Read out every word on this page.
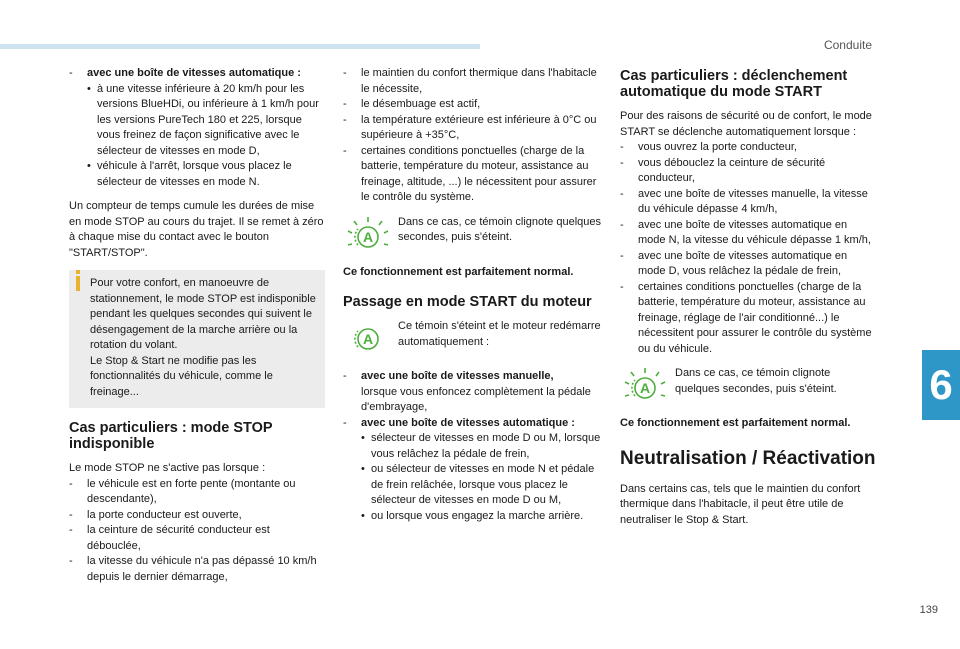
Conduite
6
139
- avec une boîte de vitesses automatique :
• à une vitesse inférieure à 20 km/h pour les versions BlueHDi, ou inférieure à 1 km/h pour les versions PureTech 180 et 225, lorsque vous freinez de façon significative avec le sélecteur de vitesses en mode D,
• véhicule à l'arrêt, lorsque vous placez le sélecteur de vitesses en mode N.

Un compteur de temps cumule les durées de mise en mode STOP au cours du trajet. Il se remet à zéro à chaque mise du contact avec le bouton "START/STOP".

Pour votre confort, en manoeuvre de stationnement, le mode STOP est indisponible pendant les quelques secondes qui suivent le désengagement de la marche arrière ou la rotation du volant.
Le Stop & Start ne modifie pas les fonctionnalités du véhicule, comme le freinage...
Cas particuliers : mode STOP indisponible

Le mode STOP ne s'active pas lorsque :

- le véhicule est en forte pente (montante ou descendante),
- la porte conducteur est ouverte,
- la ceinture de sécurité conducteur est débouclée,
- la vitesse du véhicule n'a pas dépassé 10 km/h depuis le dernier démarrage,
- le maintien du confort thermique dans l'habitacle le nécessite,
- le désembuage est actif,
- la température extérieure est inférieure à 0°C ou supérieure à +35°C,
- certaines conditions ponctuelles (charge de la batterie, température du moteur, assistance au freinage, altitude, ...) le nécessitent pour assurer le contrôle du système.
A
Dans ce cas, ce témoin clignote quelques secondes, puis s'éteint.

Ce fonctionnement est parfaitement normal.

Passage en mode START du moteur
A
Ce témoin s'éteint et le moteur redémarre automatiquement :
- avec une boîte de vitesses manuelle,
lorsque vous enfoncez complètement la pédale d'embrayage,
- avec une boîte de vitesses automatique :
• sélecteur de vitesses en mode D ou M, lorsque vous relâchez la pédale de frein,
• ou sélecteur de vitesses en mode N et pédale de frein relâchée, lorsque vous placez le sélecteur de vitesses en mode D ou M,
• ou lorsque vous engagez la marche arrière.
Cas particuliers : déclenchement automatique du mode START

Pour des raisons de sécurité ou de confort, le mode START se déclenche automatiquement lorsque :

- vous ouvrez la porte conducteur,
- vous débouclez la ceinture de sécurité conducteur,
- avec une boîte de vitesses manuelle, la vitesse du véhicule dépasse 4 km/h,
- avec une boîte de vitesses automatique en mode N, la vitesse du véhicule dépasse 1 km/h,
- avec une boîte de vitesses automatique en mode D, vous relâchez la pédale de frein,
- certaines conditions ponctuelles (charge de la batterie, température du moteur, assistance au freinage, réglage de l'air conditionné...) le nécessitent pour assurer le contrôle du système ou du véhicule.
A
Dans ce cas, ce témoin clignote quelques secondes, puis s'éteint.

Ce fonctionnement est parfaitement normal.

Neutralisation / Réactivation

Dans certains cas, tels que le maintien du confort thermique dans l'habitacle, il peut être utile de neutraliser le Stop & Start.
